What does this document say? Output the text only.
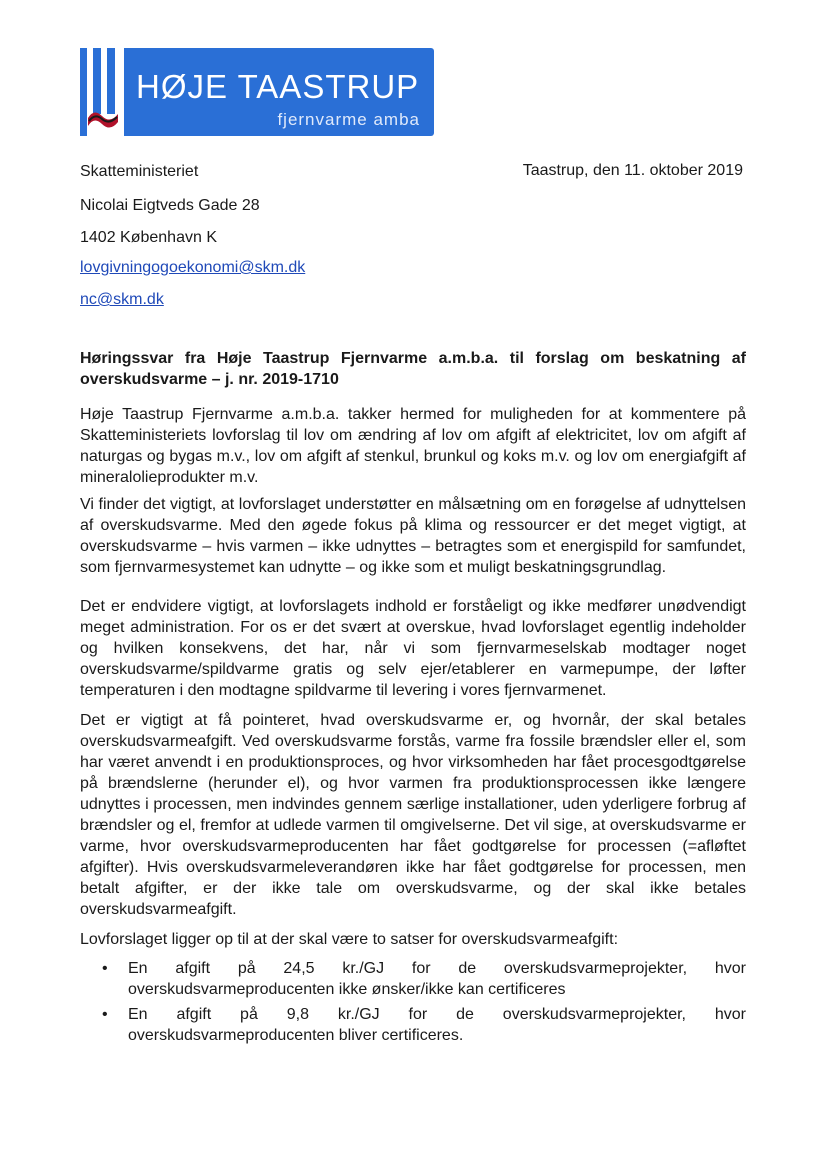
HØJE TAASTRUP
fjernvarme amba
Skatteministeriet
Nicolai Eigtveds Gade 28
1402 København K
lovgivningogoekonomi@skm.dk
nc@skm.dk
Taastrup, den 11. oktober 2019

Høringssvar fra Høje Taastrup Fjernvarme a.m.b.a. til forslag om beskatning af overskudsvarme – j. nr. 2019-1710

Høje Taastrup Fjernvarme a.m.b.a. takker hermed for muligheden for at kommentere på Skatteministeriets lovforslag til lov om ændring af lov om afgift af elektricitet, lov om afgift af naturgas og bygas m.v., lov om afgift af stenkul, brunkul og koks m.v. og lov om energiafgift af mineralolieprodukter m.v.

Vi finder det vigtigt, at lovforslaget understøtter en målsætning om en forøgelse af udnyttelsen af overskudsvarme. Med den øgede fokus på klima og ressourcer er det meget vigtigt, at overskudsvarme – hvis varmen – ikke udnyttes – betragtes som et energispild for samfundet, som fjernvarmesystemet kan udnytte – og ikke som et muligt beskatningsgrundlag.

Det er endvidere vigtigt, at lovforslagets indhold er forståeligt og ikke medfører unødvendigt meget administration. For os er det svært at overskue, hvad lovforslaget egentlig indeholder og hvilken konsekvens, det har, når vi som fjernvarmeselskab modtager noget overskudsvarme/spildvarme gratis og selv ejer/etablerer en varmepumpe, der løfter temperaturen i den modtagne spildvarme til levering i vores fjernvarmenet.

Det er vigtigt at få pointeret, hvad overskudsvarme er, og hvornår, der skal betales overskudsvarmeafgift. Ved overskudsvarme forstås, varme fra fossile brændsler eller el, som har været anvendt i en produktionsproces, og hvor virksomheden har fået procesgodtgørelse på brændslerne (herunder el), og hvor varmen fra produktionsprocessen ikke længere udnyttes i processen, men indvindes gennem særlige installationer, uden yderligere forbrug af brændsler og el, fremfor at udlede varmen til omgivelserne. Det vil sige, at overskudsvarme er varme, hvor overskudsvarmeproducenten har fået godtgørelse for processen (=afløftet afgifter). Hvis overskudsvarmeleverandøren ikke har fået godtgørelse for processen, men betalt afgifter, er der ikke tale om overskudsvarme, og der skal ikke betales overskudsvarmeafgift.

Lovforslaget ligger op til at der skal være to satser for overskudsvarmeafgift:

• En afgift på 24,5 kr./GJ for de overskudsvarmeprojekter, hvor overskudsvarmeproducenten ikke ønsker/ikke kan certificeres
• En afgift på 9,8 kr./GJ for de overskudsvarmeprojekter, hvor overskudsvarmeproducenten bliver certificeres.
